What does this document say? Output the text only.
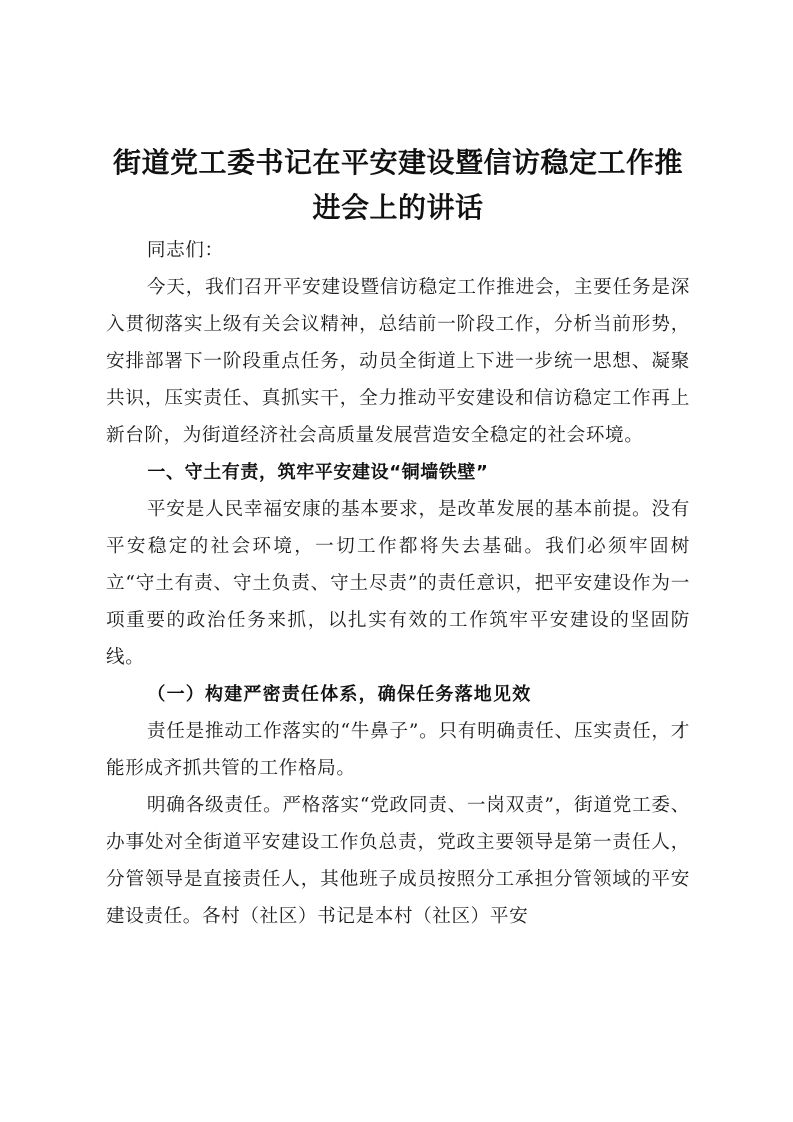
街道党工委书记在平安建设暨信访稳定工作推进会上的讲话

同志们：

今天，我们召开平安建设暨信访稳定工作推进会，主要任务是深入贯彻落实上级有关会议精神，总结前一阶段工作，分析当前形势，安排部署下一阶段重点任务，动员全街道上下进一步统一思想、凝聚共识，压实责任、真抓实干，全力推动平安建设和信访稳定工作再上新台阶，为街道经济社会高质量发展营造安全稳定的社会环境。

一、守土有责，筑牢平安建设“铜墙铁壁”

平安是人民幸福安康的基本要求，是改革发展的基本前提。没有平安稳定的社会环境，一切工作都将失去基础。我们必须牢固树立“守土有责、守土负责、守土尽责”的责任意识，把平安建设作为一项重要的政治任务来抓，以扎实有效的工作筑牢平安建设的坚固防线。

（一）构建严密责任体系，确保任务落地见效

责任是推动工作落实的“牛鼻子”。只有明确责任、压实责任，才能形成齐抓共管的工作格局。

明确各级责任。严格落实“党政同责、一岗双责”，街道党工委、办事处对全街道平安建设工作负总责，党政主要领导是第一责任人，分管领导是直接责任人，其他班子成员按照分工承担分管领域的平安建设责任。各村（社区）书记是本村（社区）平安
